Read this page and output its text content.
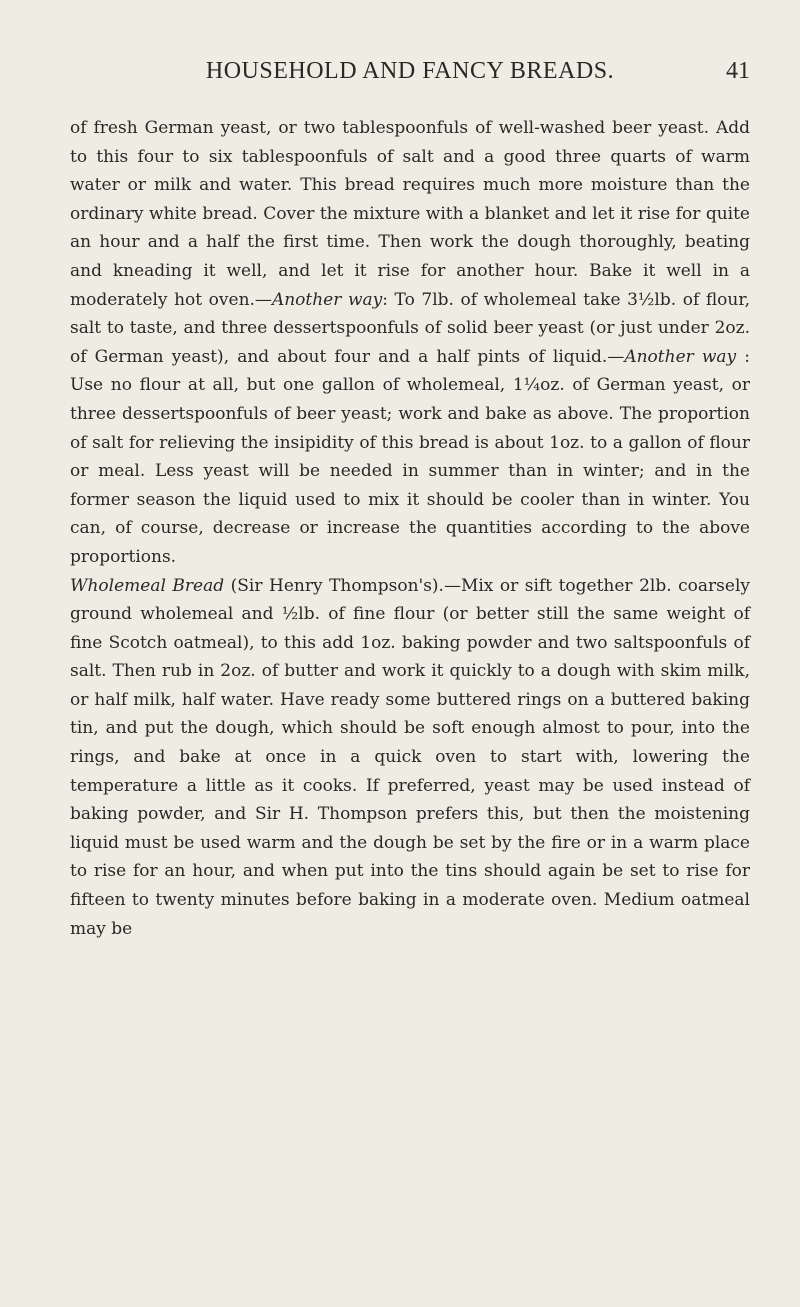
HOUSEHOLD AND FANCY BREADS.	41

of fresh German yeast, or two tablespoonfuls of well-washed beer yeast. Add to this four to six tablespoonfuls of salt and a good three quarts of warm water or milk and water. This bread requires much more moisture than the ordinary white bread. Cover the mixture with a blanket and let it rise for quite an hour and a half the first time. Then work the dough thoroughly, beating and kneading it well, and let it rise for another hour. Bake it well in a moderately hot oven.—Another way: To 7lb. of wholemeal take 3½lb. of flour, salt to taste, and three dessertspoonfuls of solid beer yeast (or just under 2oz. of German yeast), and about four and a half pints of liquid.—Another way : Use no flour at all, but one gallon of wholemeal, 1¼oz. of German yeast, or three dessertspoonfuls of beer yeast; work and bake as above. The proportion of salt for relieving the insipidity of this bread is about 1oz. to a gallon of flour or meal. Less yeast will be needed in summer than in winter; and in the former season the liquid used to mix it should be cooler than in winter. You can, of course, decrease or increase the quantities according to the above proportions.

Wholemeal Bread (Sir Henry Thompson's).—Mix or sift together 2lb. coarsely ground wholemeal and ½lb. of fine flour (or better still the same weight of fine Scotch oatmeal), to this add 1oz. baking powder and two saltspoonfuls of salt. Then rub in 2oz. of butter and work it quickly to a dough with skim milk, or half milk, half water. Have ready some buttered rings on a buttered baking tin, and put the dough, which should be soft enough almost to pour, into the rings, and bake at once in a quick oven to start with, lowering the temperature a little as it cooks. If preferred, yeast may be used instead of baking powder, and Sir H. Thompson prefers this, but then the moistening liquid must be used warm and the dough be set by the fire or in a warm place to rise for an hour, and when put into the tins should again be set to rise for fifteen to twenty minutes before baking in a moderate oven. Medium oatmeal may be
